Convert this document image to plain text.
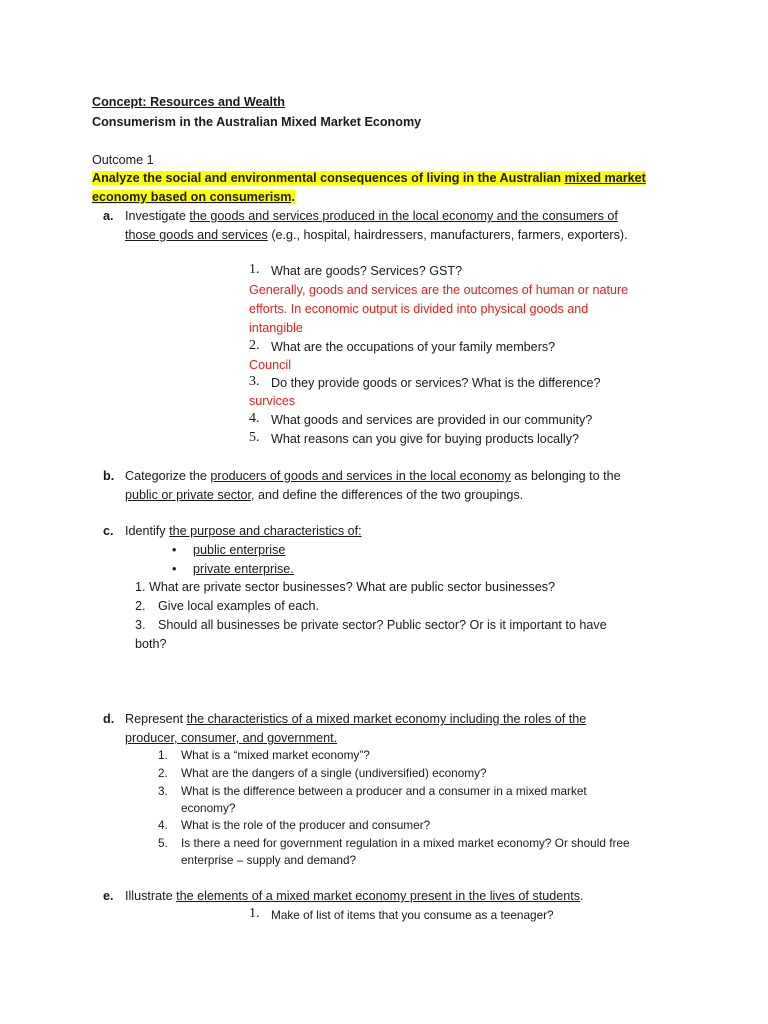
Concept: Resources and Wealth
Consumerism in the Australian Mixed Market Economy
Outcome 1
Analyze the social and environmental consequences of living in the Australian mixed market
economy based on consumerism.
a. Investigate the goods and services produced in the local economy and the consumers of
those goods and services (e.g., hospital, hairdressers, manufacturers, farmers, exporters).
1. What are goods? Services? GST?
Generally, goods and services are the outcomes of human or nature
efforts. In economic output is divided into physical goods and
intangible
2. What are the occupations of your family members?
Council
3. Do they provide goods or services? What is the difference?
survices
4. What goods and services are provided in our community?
5. What reasons can you give for buying products locally?
b. Categorize the producers of goods and services in the local economy as belonging to the
public or private sector, and define the differences of the two groupings.
c. Identify the purpose and characteristics of:
• public enterprise
• private enterprise.
1. What are private sector businesses? What are public sector businesses?
2. Give local examples of each.
3. Should all businesses be private sector? Public sector? Or is it important to have
both?
d. Represent the characteristics of a mixed market economy including the roles of the
producer, consumer, and government.
1. What is a “mixed market economy”?
2. What are the dangers of a single (undiversified) economy?
3. What is the difference between a producer and a consumer in a mixed market
economy?
4. What is the role of the producer and consumer?
5. Is there a need for government regulation in a mixed market economy? Or should free
enterprise – supply and demand?
e. Illustrate the elements of a mixed market economy present in the lives of students.
1. Make of list of items that you consume as a teenager?
